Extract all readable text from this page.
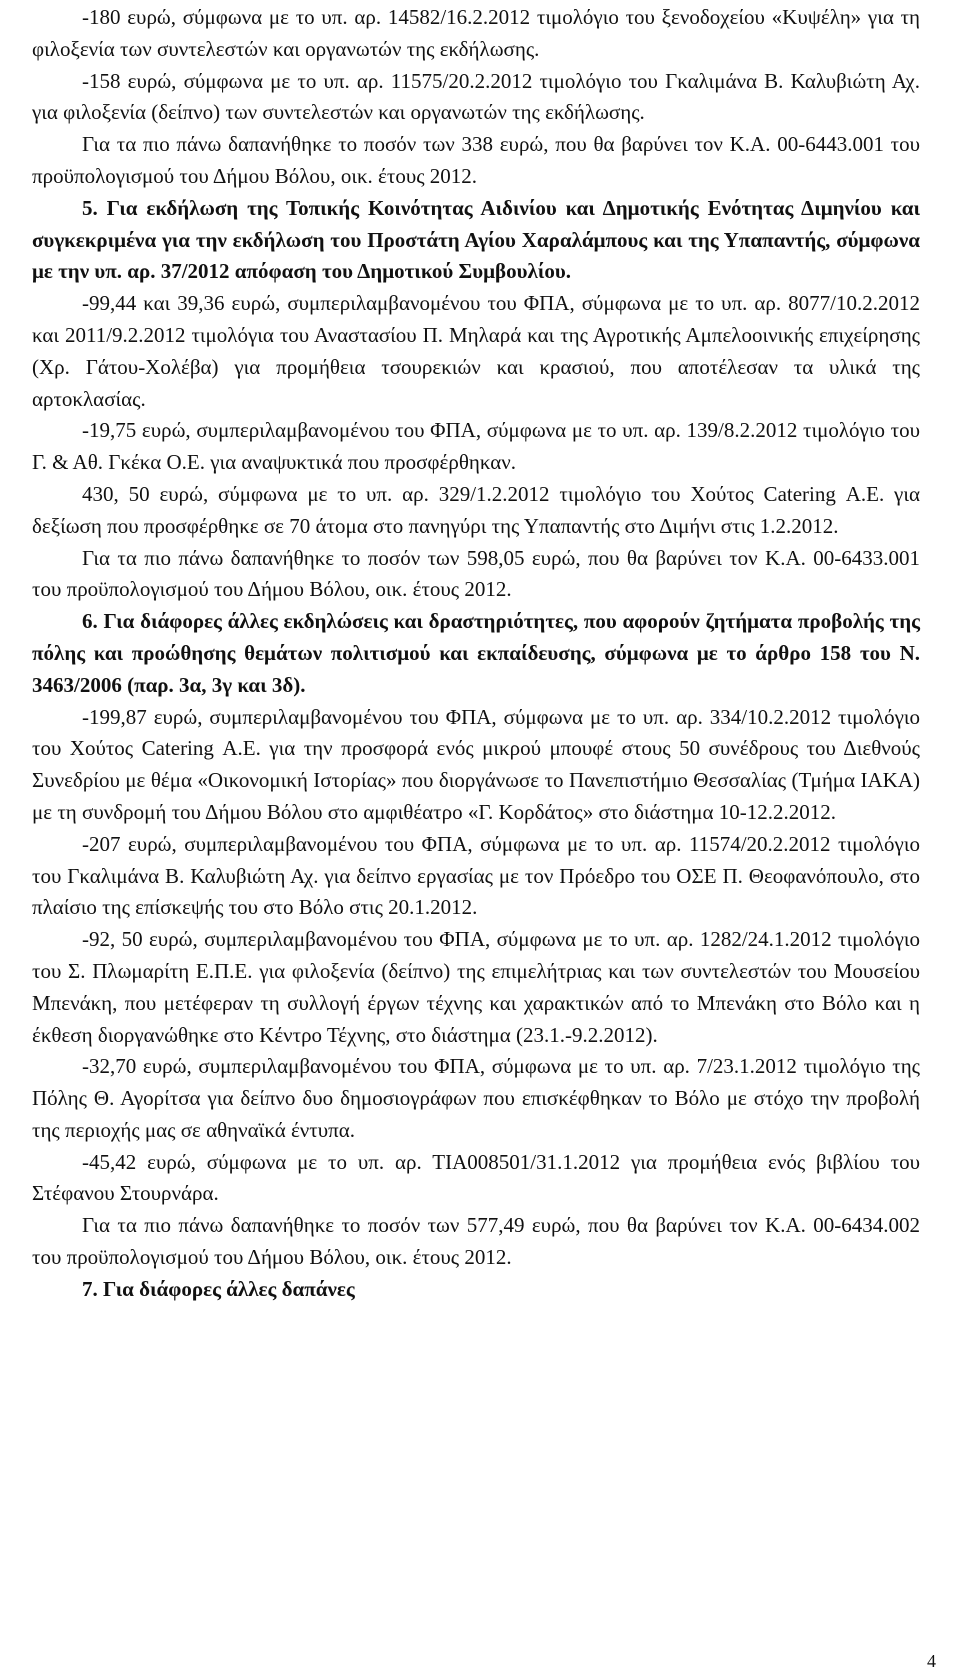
-180 ευρώ, σύμφωνα με το υπ. αρ. 14582/16.2.2012 τιμολόγιο του ξενοδοχείου «Κυψέλη» για τη φιλοξενία των συντελεστών και οργανωτών της εκδήλωσης.

-158 ευρώ, σύμφωνα με το υπ. αρ. 11575/20.2.2012 τιμολόγιο του Γκαλιμάνα Β. Καλυβιώτη Αχ. για φιλοξενία (δείπνο) των συντελεστών και οργανωτών της εκδήλωσης.

Για τα πιο πάνω δαπανήθηκε το ποσόν των 338 ευρώ, που θα βαρύνει τον Κ.Α. 00-6443.001 του προϋπολογισμού του Δήμου Βόλου, οικ. έτους 2012.

5. Για εκδήλωση της Τοπικής Κοινότητας Αιδινίου και Δημοτικής Ενότητας Διμηνίου και συγκεκριμένα για την εκδήλωση του Προστάτη Αγίου Χαραλάμπους και της Υπαπαντής, σύμφωνα με την υπ. αρ. 37/2012 απόφαση του Δημοτικού Συμβουλίου.

-99,44 και 39,36 ευρώ, συμπεριλαμβανομένου του ΦΠΑ, σύμφωνα με το υπ. αρ. 8077/10.2.2012 και 2011/9.2.2012 τιμολόγια του Αναστασίου Π. Μηλαρά και της Αγροτικής Αμπελοοινικής επιχείρησης (Χρ. Γάτου-Χολέβα) για προμήθεια τσουρεκιών και κρασιού, που αποτέλεσαν τα υλικά της αρτοκλασίας.

-19,75 ευρώ, συμπεριλαμβανομένου του ΦΠΑ, σύμφωνα με το υπ. αρ. 139/8.2.2012 τιμολόγιο του Γ. & Αθ. Γκέκα Ο.Ε. για αναψυκτικά που προσφέρθηκαν.

430, 50 ευρώ, σύμφωνα με το υπ. αρ. 329/1.2.2012 τιμολόγιο του Χούτος Catering Α.Ε. για δεξίωση που προσφέρθηκε σε 70 άτομα στο πανηγύρι της Υπαπαντής στο Διμήνι στις 1.2.2012.

Για τα πιο πάνω δαπανήθηκε το ποσόν των 598,05 ευρώ, που θα βαρύνει τον Κ.Α. 00-6433.001 του προϋπολογισμού του Δήμου Βόλου, οικ. έτους 2012.

6. Για διάφορες άλλες εκδηλώσεις και δραστηριότητες, που αφορούν ζητήματα προβολής της πόλης και προώθησης θεμάτων πολιτισμού και εκπαίδευσης, σύμφωνα με το άρθρο 158 του Ν. 3463/2006 (παρ. 3α, 3γ και 3δ).

-199,87 ευρώ, συμπεριλαμβανομένου του ΦΠΑ, σύμφωνα με το υπ. αρ. 334/10.2.2012 τιμολόγιο του Χούτος Catering Α.Ε. για την προσφορά ενός μικρού μπουφέ στους 50 συνέδρους του Διεθνούς Συνεδρίου με θέμα «Οικονομική Ιστορίας» που διοργάνωσε το Πανεπιστήμιο Θεσσαλίας (Τμήμα ΙΑΚΑ) με τη συνδρομή του Δήμου Βόλου στο αμφιθέατρο «Γ. Κορδάτος» στο διάστημα 10-12.2.2012.

-207 ευρώ, συμπεριλαμβανομένου του ΦΠΑ, σύμφωνα με το υπ. αρ. 11574/20.2.2012 τιμολόγιο του Γκαλιμάνα Β. Καλυβιώτη Αχ. για δείπνο εργασίας με τον Πρόεδρο του ΟΣΕ Π. Θεοφανόπουλο, στο πλαίσιο της επίσκεψής του στο Βόλο στις 20.1.2012.

-92, 50 ευρώ, συμπεριλαμβανομένου του ΦΠΑ, σύμφωνα με το υπ. αρ. 1282/24.1.2012 τιμολόγιο του Σ. Πλωμαρίτη Ε.Π.Ε. για φιλοξενία (δείπνο) της επιμελήτριας και των συντελεστών του Μουσείου Μπενάκη, που μετέφεραν τη συλλογή έργων τέχνης και χαρακτικών από το Μπενάκη στο Βόλο και η έκθεση διοργανώθηκε στο Κέντρο Τέχνης, στο διάστημα (23.1.-9.2.2012).

-32,70 ευρώ, συμπεριλαμβανομένου του ΦΠΑ, σύμφωνα με το υπ. αρ. 7/23.1.2012 τιμολόγιο της Πόλης Θ. Αγορίτσα για δείπνο δυο δημοσιογράφων που επισκέφθηκαν το Βόλο με στόχο την προβολή της περιοχής μας σε αθηναϊκά έντυπα.

-45,42 ευρώ, σύμφωνα με το υπ. αρ. ΤΙΑ008501/31.1.2012 για προμήθεια ενός βιβλίου του Στέφανου Στουρνάρα.

Για τα πιο πάνω δαπανήθηκε το ποσόν των 577,49 ευρώ, που θα βαρύνει τον Κ.Α. 00-6434.002 του προϋπολογισμού του Δήμου Βόλου, οικ. έτους 2012.

7. Για διάφορες άλλες δαπάνες

4
